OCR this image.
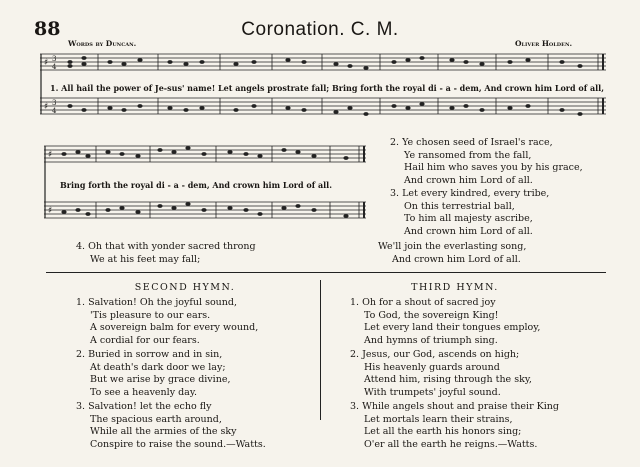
88	Coronation. C. M.
Words by Duncan.	Oliver Holden.
♯
♯
3
4
3
4
1. All hail the power of Je-sus' name! Let angels prostrate fall; Bring forth the royal di - a - dem, And crown him Lord of all,
♯
♯
Bring forth the royal di - a - dem, And crown him Lord of all.
2. Ye chosen seed of Israel's race,
Ye ransomed from the fall,
Hail him who saves you by his grace,
And crown him Lord of all.
3. Let every kindred, every tribe,
On this terrestrial ball,
To him all majesty ascribe,
And crown him Lord of all.
4. Oh that with yonder sacred throng
We at his feet may fall;
We'll join the everlasting song,
And crown him Lord of all.
SECOND HYMN.
1. Salvation! Oh the joyful sound,
'Tis pleasure to our ears.
A sovereign balm for every wound,
A cordial for our fears.
2. Buried in sorrow and in sin,
At death's dark door we lay;
But we arise by grace divine,
To see a heavenly day.
3. Salvation! let the echo fly
The spacious earth around,
While all the armies of the sky
Conspire to raise the sound.—Watts.
THIRD HYMN.
1. Oh for a shout of sacred joy
To God, the sovereign King!
Let every land their tongues employ,
And hymns of triumph sing.
2. Jesus, our God, ascends on high;
His heavenly guards around
Attend him, rising through the sky,
With trumpets' joyful sound.
3. While angels shout and praise their King
Let mortals learn their strains,
Let all the earth his honors sing;
O'er all the earth he reigns.—Watts.
